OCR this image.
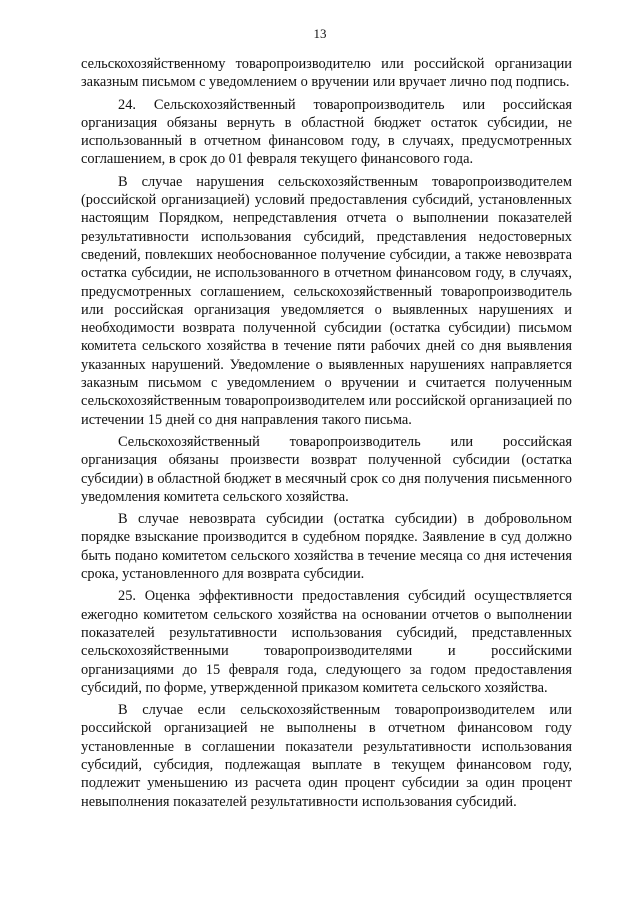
13

сельскохозяйственному товаропроизводителю или российской организации заказным письмом с уведомлением о вручении или вручает лично под подпись.

24. Сельскохозяйственный товаропроизводитель или российская организация обязаны вернуть в областной бюджет остаток субсидии, не использованный в отчетном финансовом году, в случаях, предусмотренных соглашением, в срок до 01 февраля текущего финансового года.

В случае нарушения сельскохозяйственным товаропроизводителем (российской организацией) условий предоставления субсидий, установленных настоящим Порядком, непредставления отчета о выполнении показателей результативности использования субсидий, представления недостоверных сведений, повлекших необоснованное получение субсидии, а также невозврата остатка субсидии, не использованного в отчетном финансовом году, в случаях, предусмотренных соглашением, сельскохозяйственный товаропроизводитель или российская организация уведомляется о выявленных нарушениях и необходимости возврата полученной субсидии (остатка субсидии) письмом комитета сельского хозяйства в течение пяти рабочих дней со дня выявления указанных нарушений. Уведомление о выявленных нарушениях направляется заказным письмом с уведомлением о вручении и считается полученным сельскохозяйственным товаропроизводителем или российской организацией по истечении 15 дней со дня направления такого письма.

Сельскохозяйственный товаропроизводитель или российская организация обязаны произвести возврат полученной субсидии (остатка субсидии) в областной бюджет в месячный срок со дня получения письменного уведомления комитета сельского хозяйства.

В случае невозврата субсидии (остатка субсидии) в добровольном порядке взыскание производится в судебном порядке. Заявление в суд должно быть подано комитетом сельского хозяйства в течение месяца со дня истечения срока, установленного для возврата субсидии.

25. Оценка эффективности предоставления субсидий осуществляется ежегодно комитетом сельского хозяйства на основании отчетов о выполнении показателей результативности использования субсидий, представленных сельскохозяйственными товаропроизводителями и российскими организациями до 15 февраля года, следующего за годом предоставления субсидий, по форме, утвержденной приказом комитета сельского хозяйства.

В случае если сельскохозяйственным товаропроизводителем или российской организацией не выполнены в отчетном финансовом году установленные в соглашении показатели результативности использования субсидий, субсидия, подлежащая выплате в текущем финансовом году, подлежит уменьшению из расчета один процент субсидии за один процент невыполнения показателей результативности использования субсидий.
